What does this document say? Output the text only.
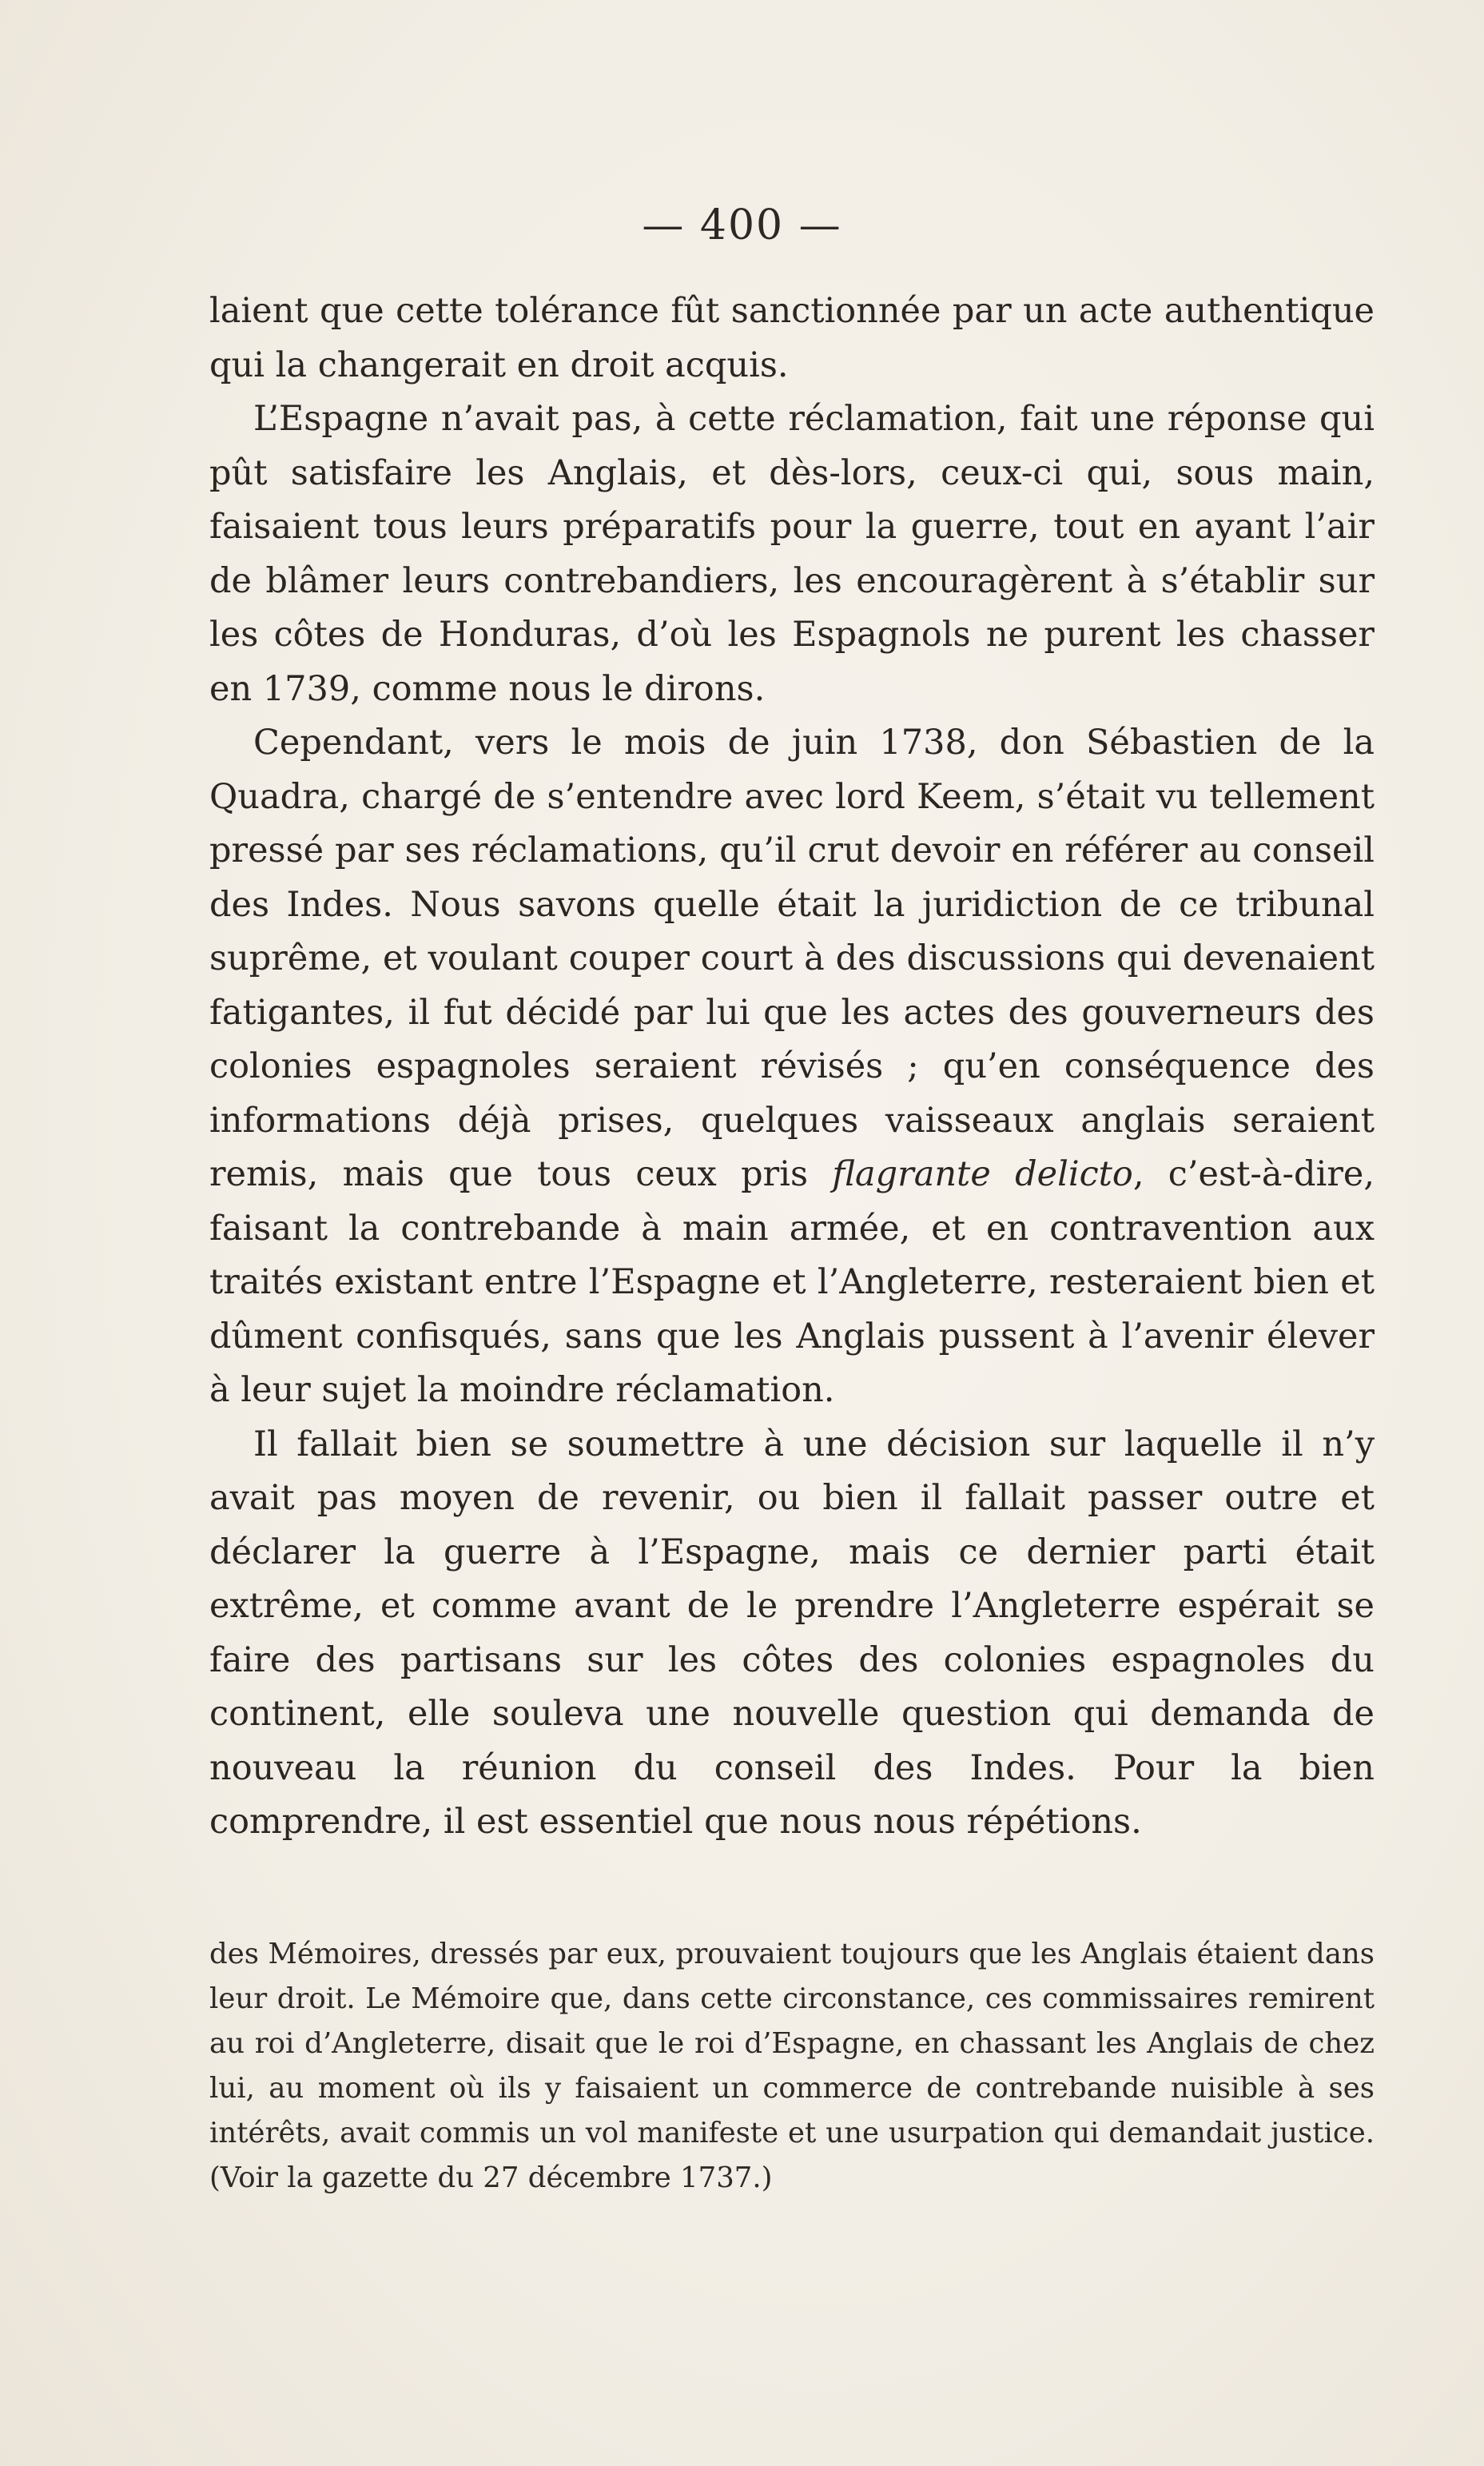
— 400 —

laient que cette tolérance fût sanctionnée par un acte authentique qui la changerait en droit acquis.

L’Espagne n’avait pas, à cette réclamation, fait une réponse qui pût satisfaire les Anglais, et dès-lors, ceux-ci qui, sous main, faisaient tous leurs préparatifs pour la guerre, tout en ayant l’air de blâmer leurs contrebandiers, les encouragèrent à s’établir sur les côtes de Honduras, d’où les Espagnols ne purent les chasser en 1739, comme nous le dirons.

Cependant, vers le mois de juin 1738, don Sébastien de la Quadra, chargé de s’entendre avec lord Keem, s’était vu tellement pressé par ses réclamations, qu’il crut devoir en référer au conseil des Indes. Nous savons quelle était la juridiction de ce tribunal suprême, et voulant couper court à des discussions qui devenaient fatigantes, il fut décidé par lui que les actes des gouverneurs des colonies espagnoles seraient révisés ; qu’en conséquence des informations déjà prises, quelques vaisseaux anglais seraient remis, mais que tous ceux pris flagrante delicto, c’est-à-dire, faisant la contrebande à main armée, et en contravention aux traités existant entre l’Espagne et l’Angleterre, resteraient bien et dûment confisqués, sans que les Anglais pussent à l’avenir élever à leur sujet la moindre réclamation.

Il fallait bien se soumettre à une décision sur laquelle il n’y avait pas moyen de revenir, ou bien il fallait passer outre et déclarer la guerre à l’Espagne, mais ce dernier parti était extrême, et comme avant de le prendre l’Angleterre espérait se faire des partisans sur les côtes des colonies espagnoles du continent, elle souleva une nouvelle question qui demanda de nouveau la réunion du conseil des Indes. Pour la bien comprendre, il est essentiel que nous nous répétions.

des Mémoires, dressés par eux, prouvaient toujours que les Anglais étaient dans leur droit. Le Mémoire que, dans cette circonstance, ces commissaires remirent au roi d’Angleterre, disait que le roi d’Espagne, en chassant les Anglais de chez lui, au moment où ils y faisaient un commerce de contrebande nuisible à ses intérêts, avait commis un vol manifeste et une usurpation qui demandait justice. (Voir la gazette du 27 décembre 1737.)
